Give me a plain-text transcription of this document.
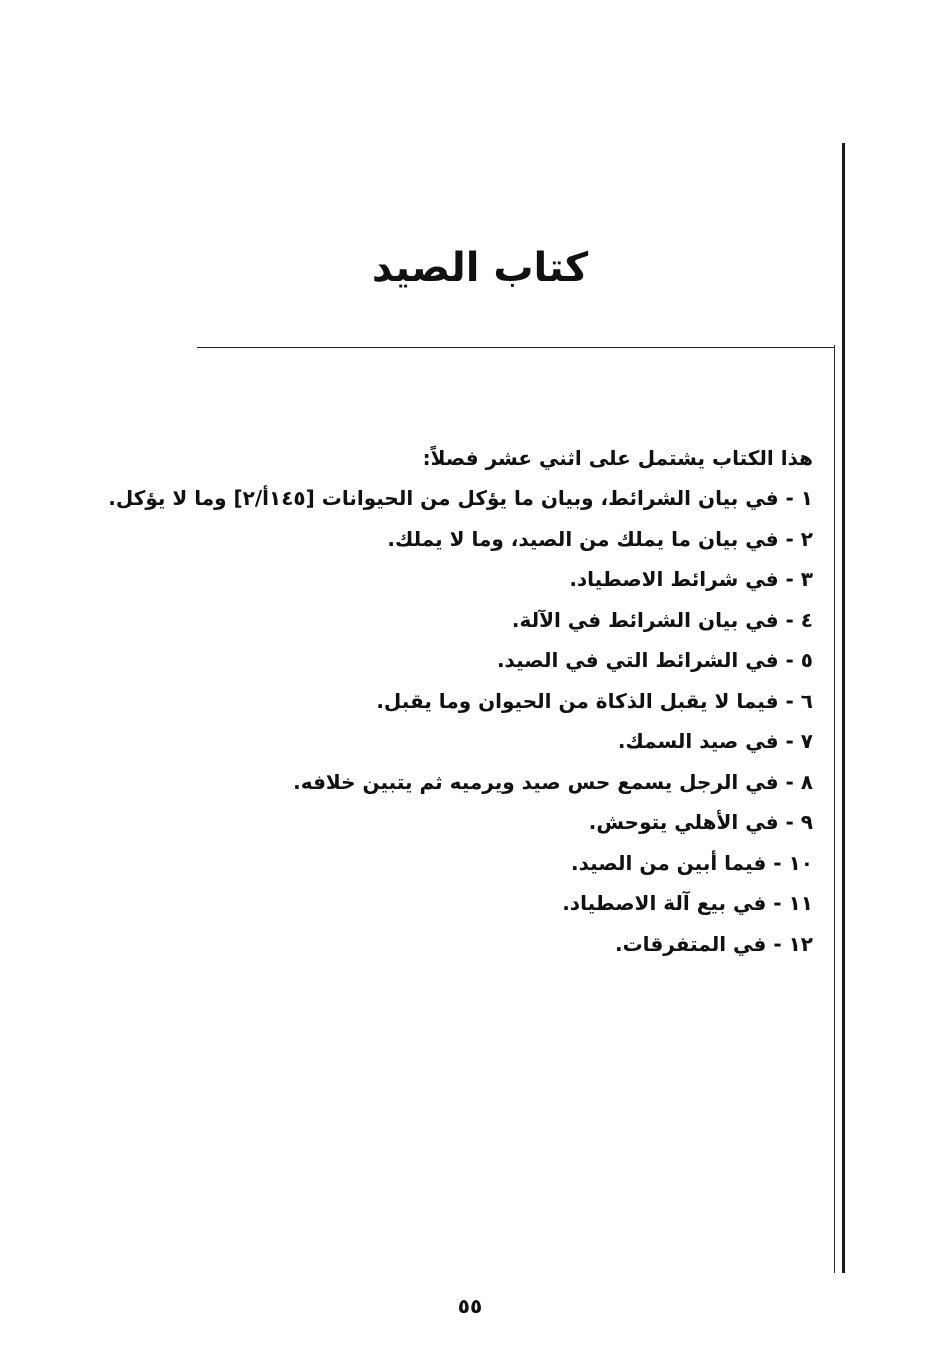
كتاب الصيد
هذا الكتاب يشتمل على اثني عشر فصلاً:
١ - في بيان الشرائط، وبيان ما يؤكل من الحيوانات [١٤٥أ/٢] وما لا يؤكل.
٢ - في بيان ما يملك من الصيد، وما لا يملك.
٣ - في شرائط الاصطياد.
٤ - في بيان الشرائط في الآلة.
٥ - في الشرائط التي في الصيد.
٦ - فيما لا يقبل الذكاة من الحيوان وما يقبل.
٧ - في صيد السمك.
٨ - في الرجل يسمع حس صيد ويرميه ثم يتبين خلافه.
٩ - في الأهلي يتوحش.
١٠ - فيما أبين من الصيد.
١١ - في بيع آلة الاصطياد.
١٢ - في المتفرقات.
٥٥
